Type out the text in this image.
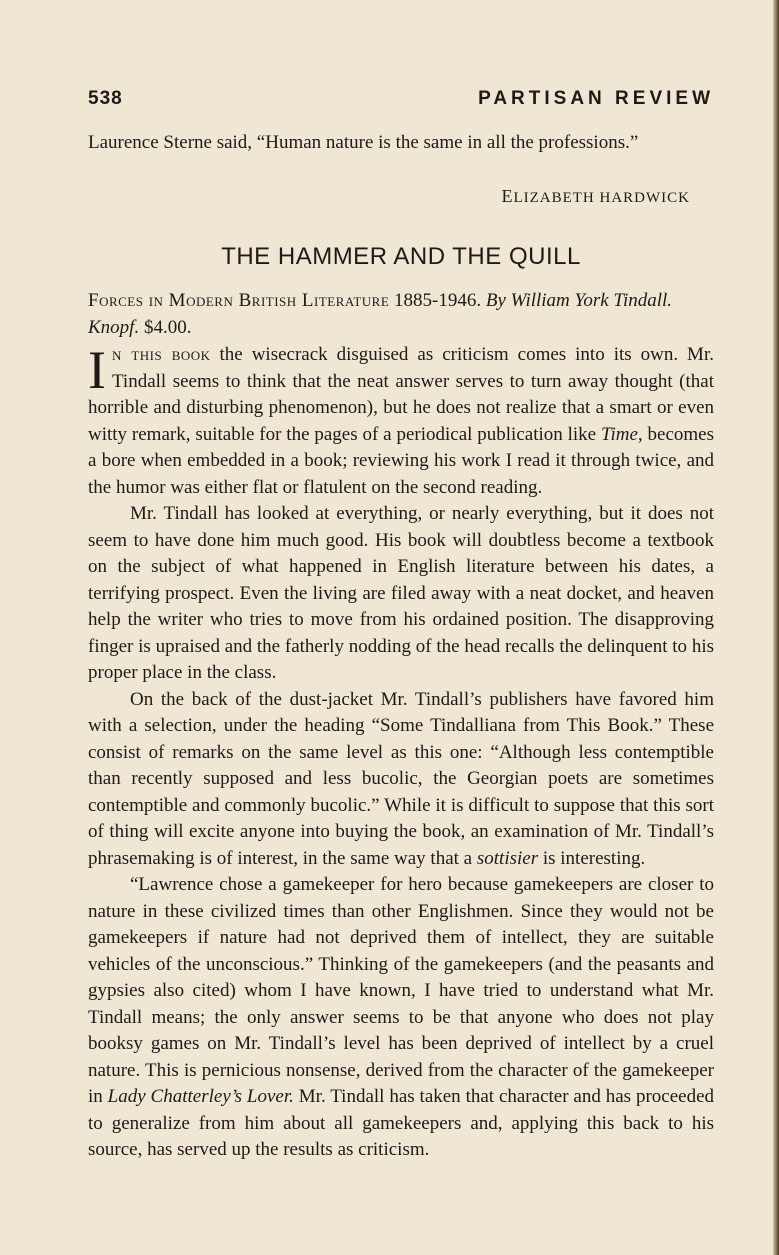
538	PARTISAN REVIEW

Laurence Sterne said, “Human nature is the same in all the professions.”

ELIZABETH HARDWICK
THE HAMMER AND THE QUILL
Forces in Modern British Literature 1885-1946. By William York Tindall. Knopf. $4.00.

In this book the wisecrack disguised as criticism comes into its own. Mr. Tindall seems to think that the neat answer serves to turn away thought (that horrible and disturbing phenomenon), but he does not realize that a smart or even witty remark, suitable for the pages of a periodical publication like Time, becomes a bore when embedded in a book; reviewing his work I read it through twice, and the humor was either flat or flatulent on the second reading.

Mr. Tindall has looked at everything, or nearly everything, but it does not seem to have done him much good. His book will doubtless become a textbook on the subject of what happened in English literature between his dates, a terrifying prospect. Even the living are filed away with a neat docket, and heaven help the writer who tries to move from his ordained position. The disapproving finger is upraised and the fatherly nodding of the head recalls the delinquent to his proper place in the class.

On the back of the dust-jacket Mr. Tindall’s publishers have favored him with a selection, under the heading “Some Tindalliana from This Book.” These consist of remarks on the same level as this one: “Although less contemptible than recently supposed and less bucolic, the Georgian poets are sometimes contemptible and commonly bucolic.” While it is difficult to suppose that this sort of thing will excite anyone into buying the book, an examination of Mr. Tindall’s phrasemaking is of interest, in the same way that a sottisier is interesting.

“Lawrence chose a gamekeeper for hero because gamekeepers are closer to nature in these civilized times than other Englishmen. Since they would not be gamekeepers if nature had not deprived them of intellect, they are suitable vehicles of the unconscious.” Thinking of the gamekeepers (and the peasants and gypsies also cited) whom I have known, I have tried to understand what Mr. Tindall means; the only answer seems to be that anyone who does not play booksy games on Mr. Tindall’s level has been deprived of intellect by a cruel nature. This is pernicious nonsense, derived from the character of the gamekeeper in Lady Chatterley’s Lover. Mr. Tindall has taken that character and has proceeded to generalize from him about all gamekeepers and, applying this back to his source, has served up the results as criticism.
